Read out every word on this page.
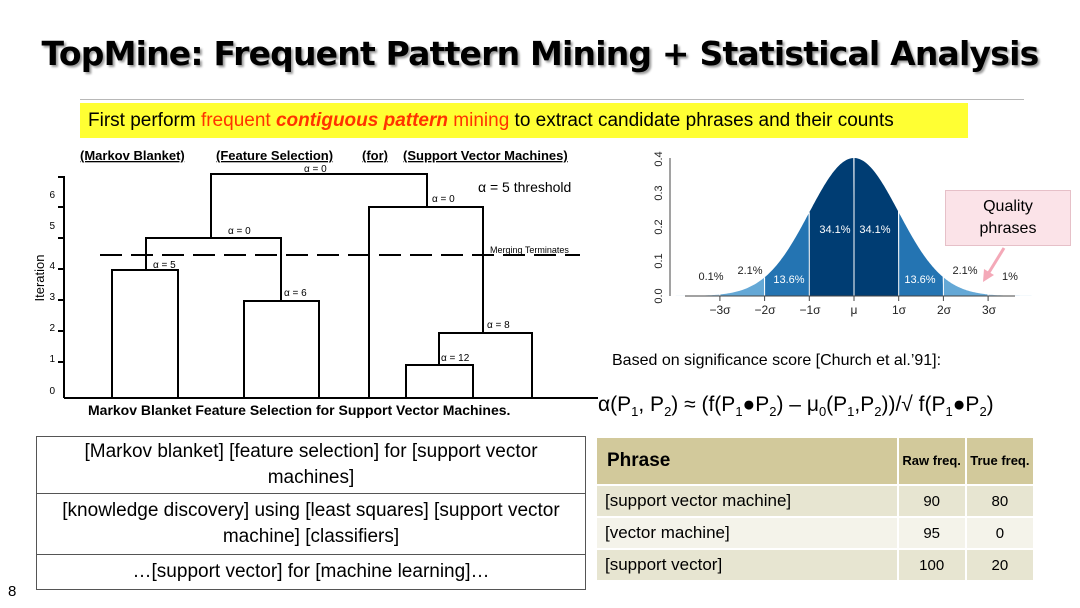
TopMine: Frequent Pattern Mining + Statistical Analysis
First perform frequent contiguous pattern mining to extract candidate phrases and their counts
(Markov Blanket) (Feature Selection) (for) (Support Vector Machines)
0
1
2
3
4
5
6
α = 0
α = 0
α = 0
α = 5
α = 6
α = 8
α = 12
Merging Terminates
α = 5 threshold
Iteration
Markov Blanket Feature Selection for Support Vector Machines.
0.0
0.1
0.2
0.3
0.4
−3σ −2σ −1σ μ	1σ	2σ	3σ
0.1% 2.1%
13.6%
34.1% 34.1%
13.6%
2.1% 1%
Quality
phrases
Based on significance score [Church et al.’91]:
$\alpha(P_1$, $P_2$) ≈ $(f(P_1●P_2) - \mu_0(P_1,P_2))/√$ $f(P_1●P_2)$
[Markov blanket] [feature selection] for [support vector machines]
[knowledge discovery] using [least squares] [support vector machine] [classifiers]
…[support vector] for [machine learning]…
Phrase	Raw freq.	True freq.
[support vector machine]	90	80
[vector machine]	95	0
[support vector]	100	20
8
